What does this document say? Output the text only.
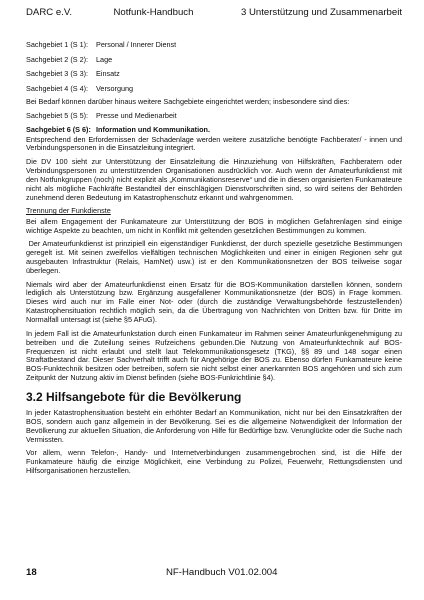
DARC e.V.	Notfunk-Handbuch	3 Unterstützung und Zusammenarbeit
Sachgebiet 1 (S 1):	Personal / Innerer Dienst
Sachgebiet 2 (S 2):	Lage
Sachgebiet 3 (S 3):	Einsatz
Sachgebiet 4 (S 4):	Versorgung

Bei Bedarf können darüber hinaus weitere Sachgebiete eingerichtet werden; insbesondere sind dies:

Sachgebiet 5 (S 5):	Presse und Medienarbeit
Sachgebiet 6 (S 6): Information und Kommunikation.

Entsprechend den Erfordernissen der Schadenlage werden weitere zusätzliche benötigte Fachberater/ - innen und Verbindungspersonen in die Einsatzleitung integriert.

Die DV 100 sieht zur Unterstützung der Einsatzleitung die Hinzuziehung von Hilfskräften, Fachberatern oder Verbindungspersonen zu unterstützenden Organisationen ausdrücklich vor. Auch wenn der Amateurfunkdienst mit den Notfunkgruppen (noch) nicht explizit als „Kommunikationsreserve“ und die in diesen organisierten Funkamateure nicht als mögliche Fachkräfte Bestandteil der einschlägigen Dienstvorschriften sind, so wird seitens der Behörden zunehmend deren Bedeutung im Katastrophenschutz erkannt und wahrgenommen.

Trennung der Funkdienste

Bei allem Engagement der Funkamateure zur Unterstützung der BOS in möglichen Gefahrenlagen sind einige wichtige Aspekte zu beachten, um nicht in Konflikt mit geltenden gesetzlichen Bestimmungen zu kommen.

Der Amateurfunkdienst ist prinzipiell ein eigenständiger Funkdienst, der durch spezielle gesetzliche Bestimmungen geregelt ist. Mit seinen zweifellos vielfältigen technischen Möglichkeiten und einer in einigen Regionen sehr gut ausgebauten Infrastruktur (Relais, HamNet) usw.) ist er den Kommunikationsnetzen der BOS teilweise sogar überlegen.

Niemals wird aber der Amateurfunkdienst einen Ersatz für die BOS-Kommunikation darstellen können, sondern lediglich als Unterstützung bzw. Ergänzung ausgefallener Kommunikationsnetze (der BOS) in Frage kommen. Dieses wird auch nur im Falle einer Not- oder (durch die zuständige Verwaltungsbehörde festzustellenden) Katastrophensituation rechtlich möglich sein, da die Übertragung von Nachrichten von Dritten bzw. für Dritte im Normalfall untersagt ist (siehe §5 AFuG).

In jedem Fall ist die Amateurfunkstation durch einen Funkamateur im Rahmen seiner Amateurfunkgenehmigung zu betreiben und die Zuteilung seines Rufzeichens gebunden.Die Nutzung von Amateurfunktechnik auf BOS-Frequenzen ist nicht erlaubt und stellt laut Telekommunikationsgesetz (TKG), §§ 89 und 148 sogar einen Straftatbestand dar. Dieser Sachverhalt trifft auch für Angehörige der BOS zu. Ebenso dürfen Funkamateure keine BOS-Funktechnik besitzen oder betreiben, sofern sie nicht selbst einer anerkannten BOS angehören und sich zum Zeitpunkt der Nutzung aktiv im Dienst befinden (siehe BOS-Funkrichtlinie §4).

3.2 Hilfsangebote für die Bevölkerung

In jeder Katastrophensituation besteht ein erhöhter Bedarf an Kommunikation, nicht nur bei den Einsatzkräften der BOS, sondern auch ganz allgemein in der Bevölkerung. Sei es die allgemeine Notwendigkeit der Information der Bevölkerung zur aktuellen Situation, die Anforderung von Hilfe für Bedürftige bzw. Verunglückte oder die Suche nach Vermissten.

Vor allem, wenn Telefon-, Handy- und Internetverbindungen zusammengebrochen sind, ist die Hilfe der Funkamateure häufig die einzige Möglichkeit, eine Verbindung zu Polizei, Feuerwehr, Rettungsdiensten und Hilfsorganisationen herzustellen.

18	NF-Handbuch V01.02.004
